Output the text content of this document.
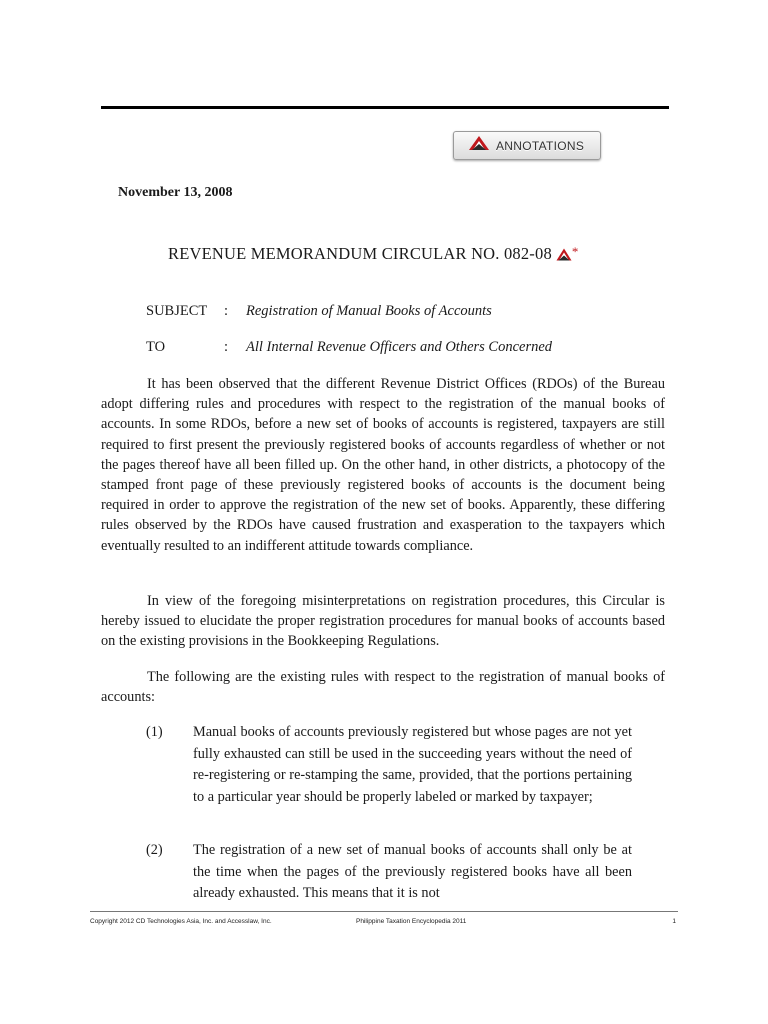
ANNOTATIONS
November 13, 2008
REVENUE MEMORANDUM CIRCULAR NO. 082-08 *
SUBJECT	:	Registration of Manual Books of Accounts
TO	:	All Internal Revenue Officers and Others Concerned

It has been observed that the different Revenue District Offices (RDOs) of the Bureau adopt differing rules and procedures with respect to the registration of the manual books of accounts. In some RDOs, before a new set of books of accounts is registered, taxpayers are still required to first present the previously registered books of accounts regardless of whether or not the pages thereof have all been filled up. On the other hand, in other districts, a photocopy of the stamped front page of these previously registered books of accounts is the document being required in order to approve the registration of the new set of books. Apparently, these differing rules observed by the RDOs have caused frustration and exasperation to the taxpayers which eventually resulted to an indifferent attitude towards compliance.

In view of the foregoing misinterpretations on registration procedures, this Circular is hereby issued to elucidate the proper registration procedures for manual books of accounts based on the existing provisions in the Bookkeeping Regulations.

The following are the existing rules with respect to the registration of manual books of accounts:

(1)	Manual books of accounts previously registered but whose pages are not yet fully exhausted can still be used in the succeeding years without the need of re-registering or re-stamping the same, provided, that the portions pertaining to a particular year should be properly labeled or marked by taxpayer;

(2)	The registration of a new set of manual books of accounts shall only be at the time when the pages of the previously registered books have all been already exhausted. This means that it is not

Copyright 2012 CD Technologies Asia, Inc. and Accesslaw, Inc.	Philippine Taxation Encyclopedia 2011	1
